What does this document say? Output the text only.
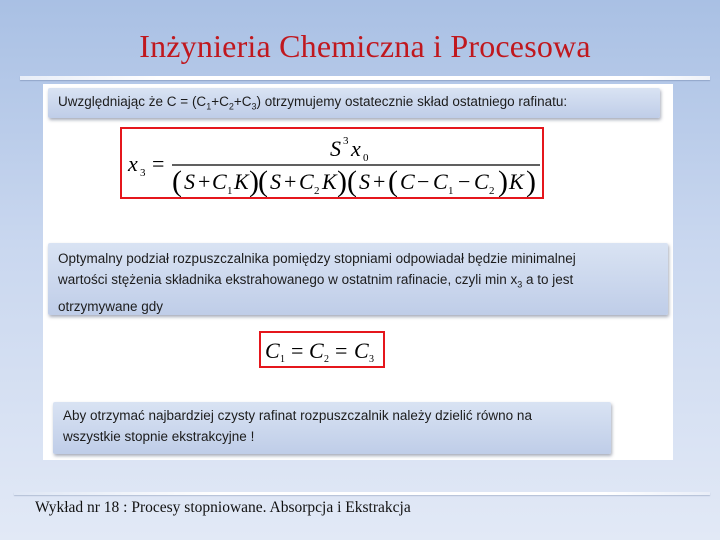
Inżynieria Chemiczna i Procesowa
Uwzględniając że $C = (C_1+C_2+C_3)$ otrzymujemy ostatecznie skład ostatniego rafinatu:
x 3 =
S 3 x 0
( S + C 1 K ) ( S + C 2 K ) ( S + ( C − C 1 − C 2 ) K )
Optymalny podział rozpuszczalnika pomiędzy stopniami odpowiadał będzie minimalnej
wartości stężenia składnika ekstrahowanego w ostatnim rafinacie, czyli $\min x_3$ a to jest
otrzymywane gdy
C 1 = C 2 = C 3
Aby otrzymać najbardziej czysty rafinat rozpuszczalnik należy dzielić równo na
wszystkie stopnie ekstrakcyjne !
Wykład nr 18 : Procesy stopniowane. Absorpcja i Ekstrakcja
